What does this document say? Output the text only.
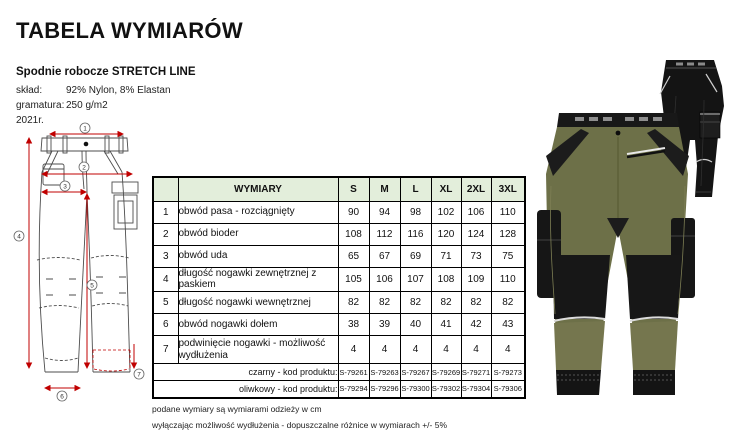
TABELA WYMIARÓW
Spodnie robocze STRETCH LINE
skład:	92% Nylon, 8% Elastan
gramatura: 250 g/m2
2021r.
1
2
3
4
5
6
7
	WYMIARY	S	M	L	XL	2XL	3XL
1	obwód pasa - rozciągnięty	90	94	98	102	106	110
2	obwód bioder	108	112	116	120	124	128
3	obwód uda	65	67	69	71	73	75
4	długość nogawki zewnętrznej z paskiem	105	106	107	108	109	110
5	długość nogawki wewnętrznej	82	82	82	82	82	82
6	obwód nogawki dołem	38	39	40	41	42	43
7	podwinięcie nogawki - możliwość wydłużenia	4	4	4	4	4	4
czarny - kod produktu:		S-79261	S-79263	S-79267	S-79269	S-79271	S-79273
oliwkowy - kod produktu:		S-79294	S-79296	S-79300	S-79302	S-79304	S-79306
podane wymiary są wymiarami odzieży w cm
wyłączając możliwość wydłużenia - dopuszczalne różnice w wymiarach +/- 5%
